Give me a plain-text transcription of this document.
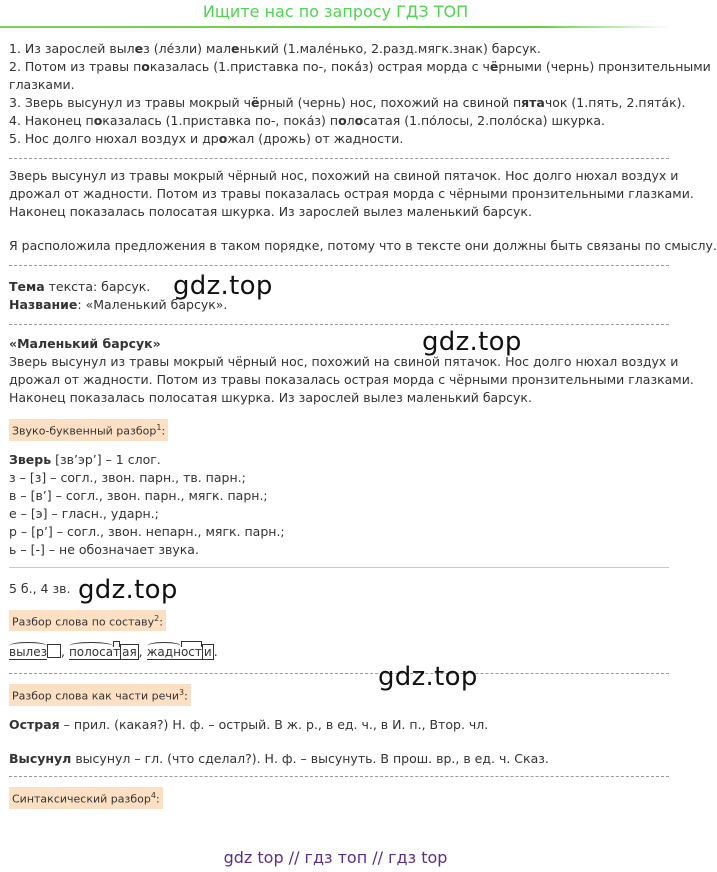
Ищите нас по запросу ГДЗ ТОП
1. Из зарослей вылез (ле́зли) маленький (1.мале́нько, 2.разд.мягк.знак) барсук.
2. Потом из травы показалась (1.приставка по-, пока́з) острая морда с чёрными (чернь) пронзительными
глазками.
3. Зверь высунул из травы мокрый чёрный (чернь) нос, похожий на свиной пятачок (1.пять, 2.пята́к).
4. Наконец показалась (1.приставка по-, пока́з) полосатая (1.по́лосы, 2.поло́ска) шкурка.
5. Нос долго нюхал воздух и дрожал (дрожь) от жадности.
Зверь высунул из травы мокрый чёрный нос, похожий на свиной пятачок. Нос долго нюхал воздух и
дрожал от жадности. Потом из травы показалась острая морда с чёрными пронзительными глазками.
Наконец показалась полосатая шкурка. Из зарослей вылез маленький барсук.
Я расположила предложения в таком порядке, потому что в тексте они должны быть связаны по смыслу.
Тема текста: барсук.
Название: «Маленький барсук».
«Маленький барсук»
Зверь высунул из травы мокрый чёрный нос, похожий на свиной пятачок. Нос долго нюхал воздух и
дрожал от жадности. Потом из травы показалась острая морда с чёрными пронзительными глазками.
Наконец показалась полосатая шкурка. Из зарослей вылез маленький барсук.
Звуко-буквенный разбор$^1$:
Зверь [зв’эр’] – 1 слог.
з – [з] – согл., звон. парн., тв. парн.;
в – [в’] – согл., звон. парн., мягк. парн.;
е – [э] – гласн., ударн.;
р – [р’] – согл., звон. непарн., мягк. парн.;
ь – [-] – не обозначает звука.
5 б., 4 зв.
Разбор слова по составу$^2$:
вылез , полосат ая , жадност и .
Разбор слова как части речи$^3$:
Острая – прил. (какая?) Н. ф. – острый. В ж. р., в ед. ч., в И. п., Втор. чл.
Высунул высунул – гл. (что сделал?). Н. ф. – высунуть. В прош. вр., в ед. ч. Сказ.
Синтаксический разбор$^4$:
gdz.top
gdz.top
gdz.top
gdz.top
gdz top // гдз топ // гдз top
